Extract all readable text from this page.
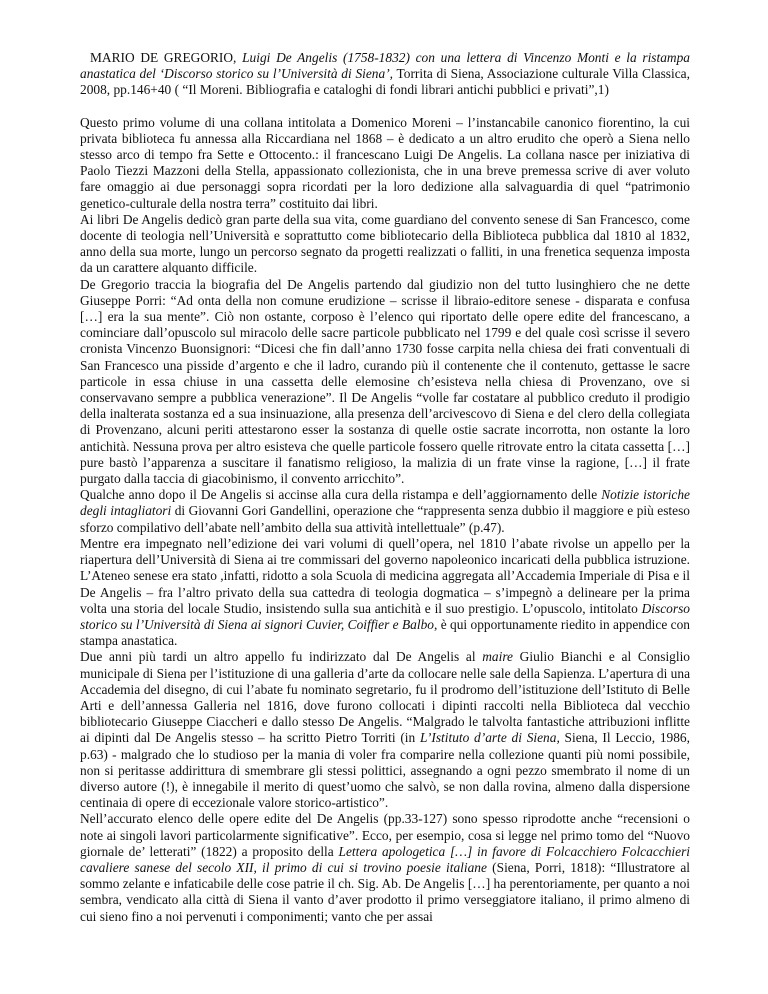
MARIO DE GREGORIO, Luigi De Angelis (1758-1832) con una lettera di Vincenzo Monti e la ristampa anastatica del ‘Discorso storico su l’Università di Siena’, Torrita di Siena, Associazione culturale Villa Classica, 2008, pp.146+40 ( “Il Moreni. Bibliografia e cataloghi di fondi librari antichi pubblici e privati”,1)

Questo primo volume di una collana intitolata a Domenico Moreni – l’instancabile canonico fiorentino, la cui privata biblioteca fu annessa alla Riccardiana nel 1868 – è dedicato a un altro erudito che operò a Siena nello stesso arco di tempo fra Sette e Ottocento.: il francescano Luigi De Angelis. La collana nasce per iniziativa di Paolo Tiezzi Mazzoni della Stella, appassionato collezionista, che in una breve premessa scrive di aver voluto fare omaggio ai due personaggi sopra ricordati per la loro dedizione alla salvaguardia di quel “patrimonio genetico-culturale della nostra terra” costituito dai libri.

Ai libri De Angelis dedicò gran parte della sua vita, come guardiano del convento senese di San Francesco, come docente di teologia nell’Università e soprattutto come bibliotecario della Biblioteca pubblica dal 1810 al 1832, anno della sua morte, lungo un percorso segnato da progetti realizzati o falliti, in una frenetica sequenza imposta da un carattere alquanto difficile.

De Gregorio traccia la biografia del De Angelis partendo dal giudizio non del tutto lusinghiero che ne dette Giuseppe Porri: “Ad onta della non comune erudizione – scrisse il libraio-editore senese - disparata e confusa […] era la sua mente”. Ciò non ostante, corposo è l’elenco qui riportato delle opere edite del francescano, a cominciare dall’opuscolo sul miracolo delle sacre particole pubblicato nel 1799 e del quale così scrisse il severo cronista Vincenzo Buonsignori: “Dicesi che fin dall’anno 1730 fosse carpita nella chiesa dei frati conventuali di San Francesco una pisside d’argento e che il ladro, curando più il contenente che il contenuto, gettasse le sacre particole in essa chiuse in una cassetta delle elemosine ch’esisteva nella chiesa di Provenzano, ove si conservavano sempre a pubblica venerazione”. Il De Angelis “volle far costatare al pubblico creduto il prodigio della inalterata sostanza ed a sua insinuazione, alla presenza dell’arcivescovo di Siena e del clero della collegiata di Provenzano, alcuni periti attestarono esser la sostanza di quelle ostie sacrate incorrotta, non ostante la loro antichità. Nessuna prova per altro esisteva che quelle particole fossero quelle ritrovate entro la citata cassetta […] pure bastò l’apparenza a suscitare il fanatismo religioso, la malizia di un frate vinse la ragione, […] il frate purgato dalla taccia di giacobinismo, il convento arricchito”.

Qualche anno dopo il De Angelis si accinse alla cura della ristampa e dell’aggiornamento delle Notizie istoriche degli intagliatori di Giovanni Gori Gandellini, operazione che “rappresenta senza dubbio il maggiore e più esteso sforzo compilativo dell’abate nell’ambito della sua attività intellettuale” (p.47).

Mentre era impegnato nell’edizione dei vari volumi di quell’opera, nel 1810 l’abate rivolse un appello per la riapertura dell’Università di Siena ai tre commissari del governo napoleonico incaricati della pubblica istruzione. L’Ateneo senese era stato ,infatti, ridotto a sola Scuola di medicina aggregata all’Accademia Imperiale di Pisa e il De Angelis – fra l’altro privato della sua cattedra di teologia dogmatica – s’impegnò a delineare per la prima volta una storia del locale Studio, insistendo sulla sua antichità e il suo prestigio. L’opuscolo, intitolato Discorso storico su l’Università di Siena ai signori Cuvier, Coiffier e Balbo, è qui opportunamente riedito in appendice con stampa anastatica.

Due anni più tardi un altro appello fu indirizzato dal De Angelis al maire Giulio Bianchi e al Consiglio municipale di Siena per l’istituzione di una galleria d’arte da collocare nelle sale della Sapienza. L’apertura di una Accademia del disegno, di cui l’abate fu nominato segretario, fu il prodromo dell’istituzione dell’Istituto di Belle Arti e dell’annessa Galleria nel 1816, dove furono collocati i dipinti raccolti nella Biblioteca dal vecchio bibliotecario Giuseppe Ciaccheri e dallo stesso De Angelis. “Malgrado le talvolta fantastiche attribuzioni inflitte ai dipinti dal De Angelis stesso – ha scritto Pietro Torriti (in L’Istituto d’arte di Siena, Siena, Il Leccio, 1986, p.63) - malgrado che lo studioso per la mania di voler fra comparire nella collezione quanti più nomi possibile, non si peritasse addirittura di smembrare gli stessi polittici, assegnando a ogni pezzo smembrato il nome di un diverso autore (!), è innegabile il merito di quest’uomo che salvò, se non dalla rovina, almeno dalla dispersione centinaia di opere di eccezionale valore storico-artistico”.

Nell’accurato elenco delle opere edite del De Angelis (pp.33-127) sono spesso riprodotte anche “recensioni o note ai singoli lavori particolarmente significative”. Ecco, per esempio, cosa si legge nel primo tomo del “Nuovo giornale de’ letterati” (1822) a proposito della Lettera apologetica […] in favore di Folcacchiero Folcacchieri cavaliere sanese del secolo XII, il primo di cui si trovino poesie italiane (Siena, Porri, 1818): “Illustratore al sommo zelante e infaticabile delle cose patrie il ch. Sig. Ab. De Angelis […] ha perentoriamente, per quanto a noi sembra, vendicato alla città di Siena il vanto d’aver prodotto il primo verseggiatore italiano, il primo almeno di cui sieno fino a noi pervenuti i componimenti; vanto che per assai
